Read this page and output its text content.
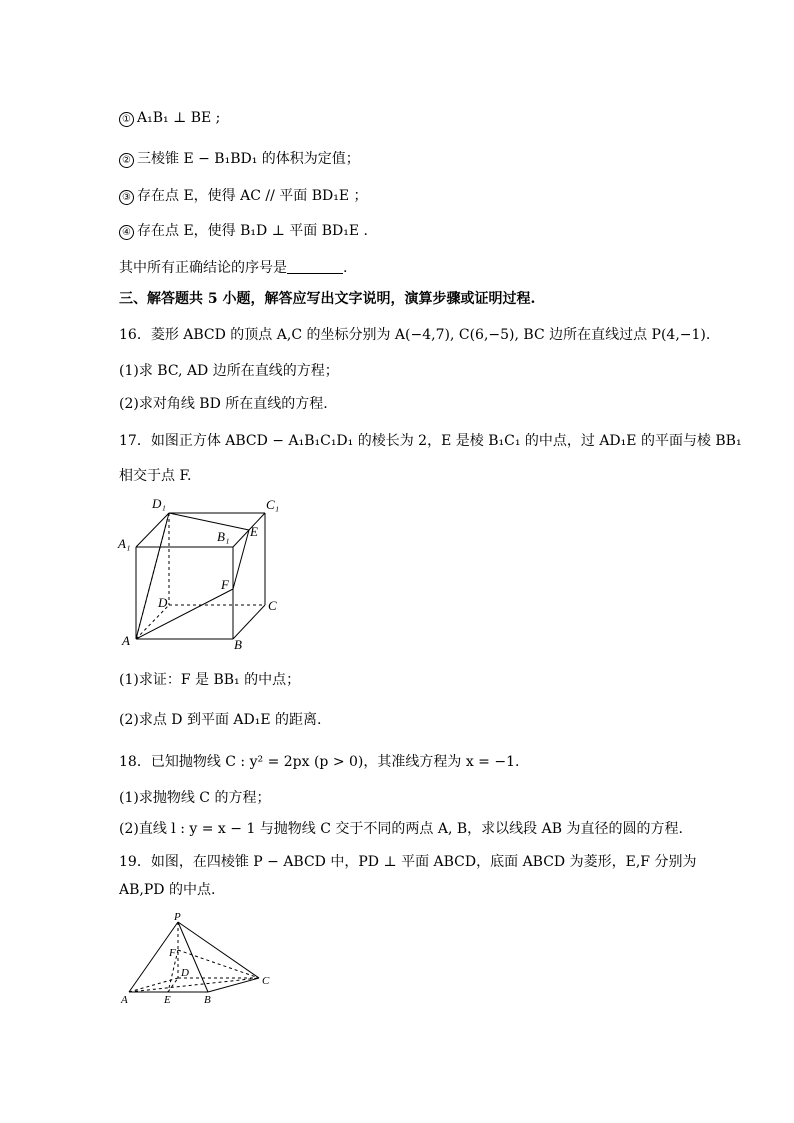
① A₁B₁ ⊥ BE ;
② 三棱锥 E − B₁BD₁ 的体积为定值；
③ 存在点 E，使得 AC // 平面 BD₁E ；
④ 存在点 E，使得 B₁D ⊥ 平面 BD₁E .
其中所有正确结论的序号是	.
三、解答题共 5 小题，解答应写出文字说明，演算步骤或证明过程.
16．菱形 ABCD 的顶点 A,C 的坐标分别为 A(−4,7), C(6,−5), BC 边所在直线过点 P(4,−1).
(1)求 BC, AD 边所在直线的方程；
(2)求对角线 BD 所在直线的方程.
17．如图正方体 ABCD − A₁B₁C₁D₁ 的棱长为 2，E 是棱 B₁C₁ 的中点，过 AD₁E 的平面与棱 BB₁
相交于点 F.
D₁	C₁
A₁	B₁ E
F
D	C
A	B
(1)求证：F 是 BB₁ 的中点；
(2)求点 D 到平面 AD₁E 的距离.
18．已知抛物线 C : y² = 2px (p > 0)，其准线方程为 x = −1.
(1)求抛物线 C 的方程；
(2)直线 l : y = x − 1 与抛物线 C 交于不同的两点 A, B，求以线段 AB 为直径的圆的方程.
19．如图，在四棱锥 P − ABCD 中，PD ⊥ 平面 ABCD，底面 ABCD 为菱形，E,F 分别为
AB,PD 的中点.
P
F
D
A	E	B
C
